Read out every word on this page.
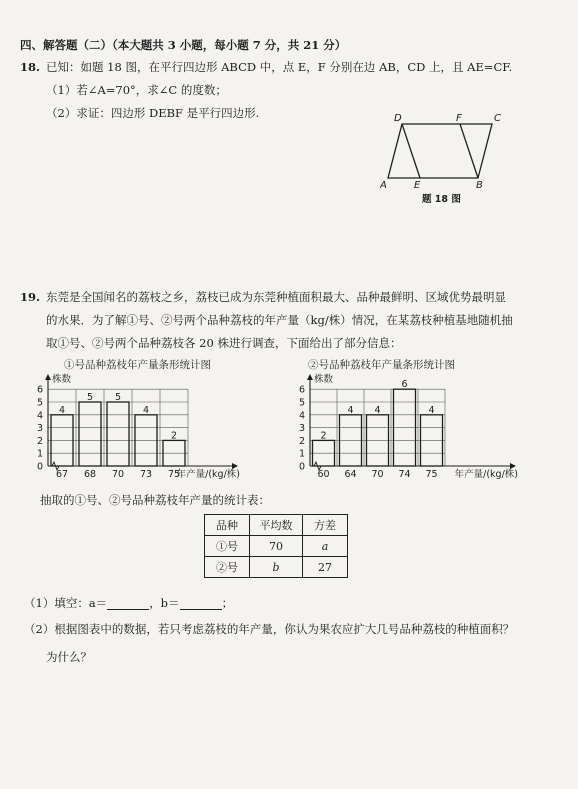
四、解答题（二）（本大题共 3 小题，每小题 7 分，共 21 分）
18. 已知：如题 18 图，在平行四边形 ABCD 中，点 E，F 分别在边 AB，CD 上，且 AE=CF.
（1）若∠A=70°，求∠C 的度数；
（2）求证：四边形 DEBF 是平行四边形.	D	F	C
A	E	B
题 18 图
19. 东莞是全国闻名的荔枝之乡，荔枝已成为东莞种植面积最大、品种最鲜明、区域优势最明显
的水果．为了解①号、②号两个品种荔枝的年产量（kg/株）情况，在某荔枝种植基地随机抽
取①号、②号两个品种荔枝各 20 株进行调查，下面给出了部分信息：
①号品种荔枝年产量条形统计图
4
5 5
4
2
0
1
2
3
4
5
6
67 68 70 73 75
株数
年产量/(kg/株)
②号品种荔枝年产量条形统计图
2
4 4
6
4
0
1
2
3
4
5
6
60 64 70 74 75
株数
年产量/(kg/株)
抽取的①号、②号品种荔枝年产量的统计表：
品种	平均数	方差
①号	70	a
②号	b	27
（1）填空：a＝	，b＝	；
（2）根据图表中的数据，若只考虑荔枝的年产量，你认为果农应扩大几号品种荔枝的种植面积？
为什么？
